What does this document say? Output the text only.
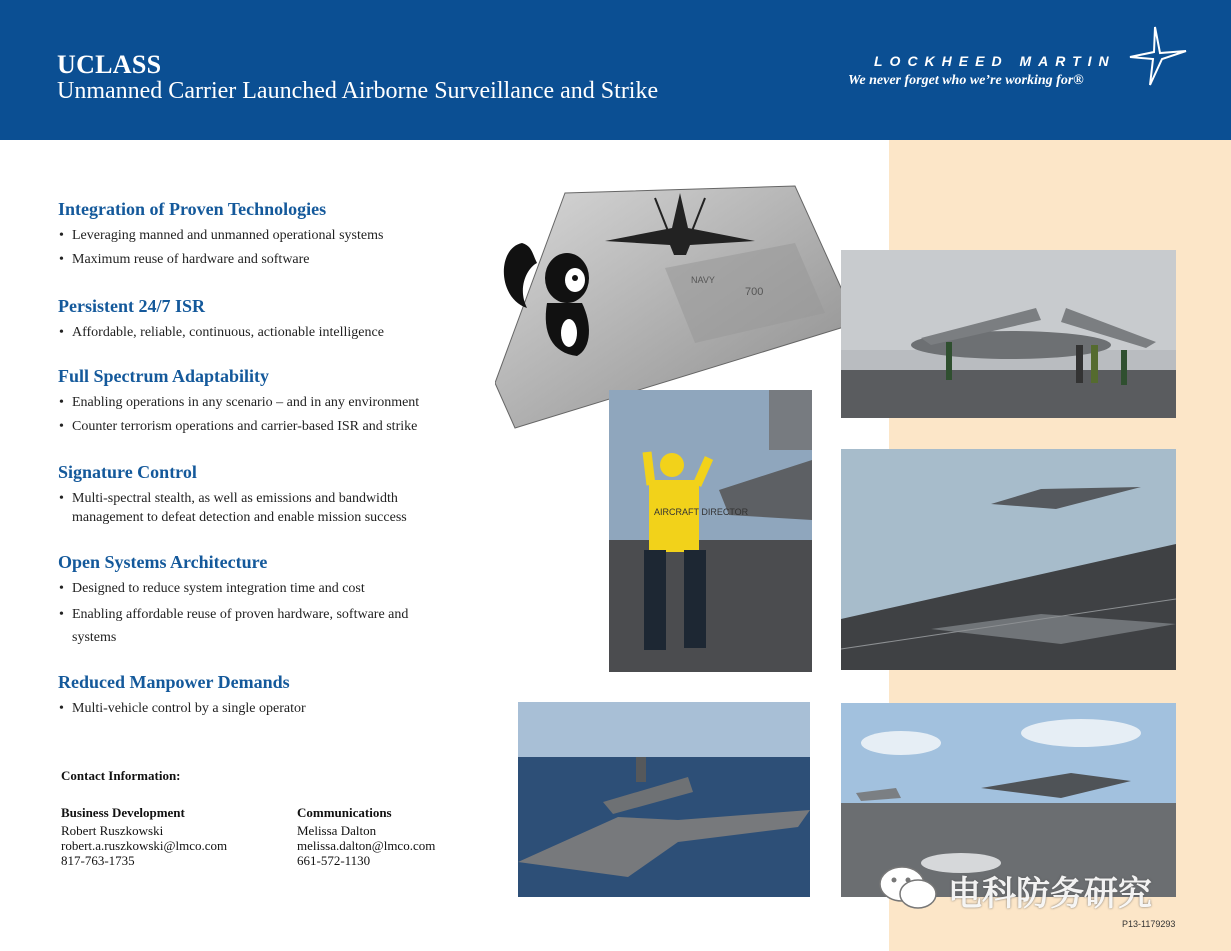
UCLASS
Unmanned Carrier Launched Airborne Surveillance and Strike
LOCKHEED MARTIN
We never forget who we’re working for®
Integration of Proven Technologies
• Leveraging manned and unmanned operational systems
• Maximum reuse of hardware and software
Persistent 24/7 ISR
• Affordable, reliable, continuous, actionable intelligence
Full Spectrum Adaptability
• Enabling operations in any scenario – and in any environment
• Counter terrorism operations and carrier-based ISR and strike
Signature Control
• Multi-spectral stealth, as well as emissions and bandwidth management to defeat detection and enable mission success
Open Systems Architecture
• Designed to reduce system integration time and cost
• Enabling affordable reuse of proven hardware, software and systems
Reduced Manpower Demands
• Multi-vehicle control by a single operator
Contact Information:
Business Development
Robert Ruszkowski
robert.a.ruszkowski@lmco.com
817-763-1735
Communications
Melissa Dalton
melissa.dalton@lmco.com
661-572-1130
NAVY
700
AIRCRAFT DIRECTOR
电科防务研究
P13-1179293
